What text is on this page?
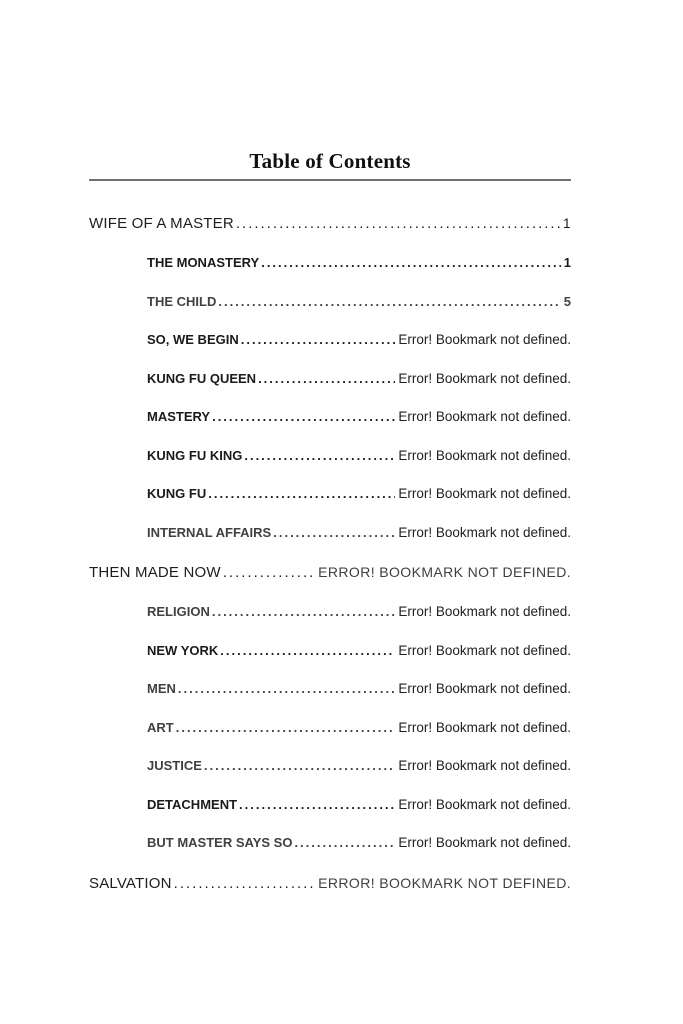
Table of Contents
WIFE OF A MASTER .....	1
THE MONASTERY .....	1
THE CHILD .....	5
SO, WE BEGIN .....	Error! Bookmark not defined.
KUNG FU QUEEN .....	Error! Bookmark not defined.
MASTERY .....	Error! Bookmark not defined.
KUNG FU KING .....	Error! Bookmark not defined.
KUNG FU .....	Error! Bookmark not defined.
INTERNAL AFFAIRS .....	Error! Bookmark not defined.
THEN MADE NOW .....	ERROR! BOOKMARK NOT DEFINED.
RELIGION .....	Error! Bookmark not defined.
NEW YORK .....	Error! Bookmark not defined.
MEN .....	Error! Bookmark not defined.
ART .....	Error! Bookmark not defined.
JUSTICE .....	Error! Bookmark not defined.
DETACHMENT .....	Error! Bookmark not defined.
BUT MASTER SAYS SO .....	Error! Bookmark not defined.
SALVATION .....	ERROR! BOOKMARK NOT DEFINED.
